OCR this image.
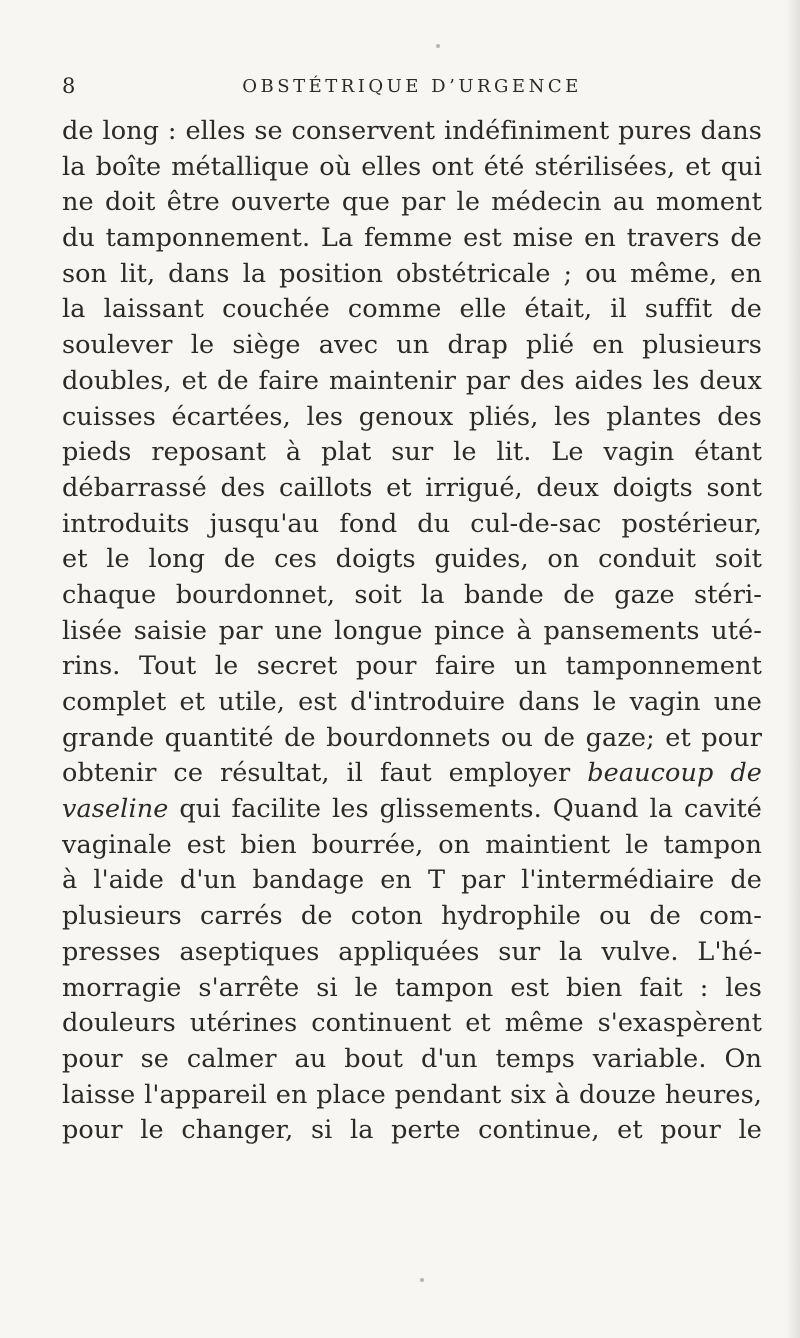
8	OBSTÉTRIQUE D’URGENCE
de long : elles se conservent indéfiniment pures dans
la boîte métallique où elles ont été stérilisées, et qui
ne doit être ouverte que par le médecin au moment
du tamponnement. La femme est mise en travers de
son lit, dans la position obstétricale ; ou même, en
la laissant couchée comme elle était, il suffit de
soulever le siège avec un drap plié en plusieurs
doubles, et de faire maintenir par des aides les deux
cuisses écartées, les genoux pliés, les plantes des
pieds reposant à plat sur le lit. Le vagin étant
débarrassé des caillots et irrigué, deux doigts sont
introduits jusqu'au fond du cul-de-sac postérieur,
et le long de ces doigts guides, on conduit soit
chaque bourdonnet, soit la bande de gaze stéri-
lisée saisie par une longue pince à pansements uté-
rins. Tout le secret pour faire un tamponnement
complet et utile, est d'introduire dans le vagin une
grande quantité de bourdonnets ou de gaze; et pour
obtenir ce résultat, il faut employer beaucoup de
vaseline qui facilite les glissements. Quand la cavité
vaginale est bien bourrée, on maintient le tampon
à l'aide d'un bandage en T par l'intermédiaire de
plusieurs carrés de coton hydrophile ou de com-
presses aseptiques appliquées sur la vulve. L'hé-
morragie s'arrête si le tampon est bien fait : les
douleurs utérines continuent et même s'exaspèrent
pour se calmer au bout d'un temps variable. On
laisse l'appareil en place pendant six à douze heures,
pour le changer, si la perte continue, et pour le
